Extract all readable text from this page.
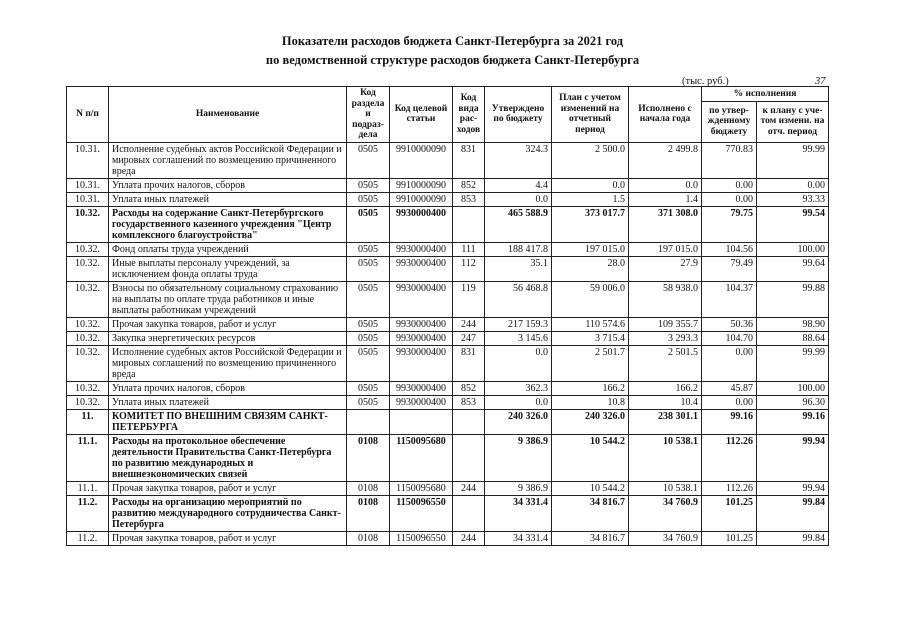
Показатели расходов бюджета Санкт-Петербурга за 2021 год
по ведомственной структуре расходов бюджета Санкт-Петербурга
(тыс. руб.)	37
N п/п	Наименование	Код раздела и подраз-дела	Код целевой статьи	Код вида рас-ходов	Утверждено по бюджету	План с учетом изменений на отчетный период	Исполнено с начала года	% исполнения	
								по утвер-жденному бюджету	к плану с уче-том измени. на отч. период
10.31.	Исполнение судебных актов Российской Федерации и мировых соглашений по возмещению причиненного вреда	0505	9910000090	831	324.3	2 500.0	2 499.8	770.83	99.99
10.31.	Уплата прочих налогов, сборов	0505	9910000090	852	4.4	0.0	0.0	0.00	0.00
10.31.	Уплата иных платежей	0505	9910000090	853	0.0	1.5	1.4	0.00	93.33
10.32.	Расходы на содержание Санкт-Петербургского государственного казенного учреждения "Центр комплексного благоустройства"	0505	9930000400		465 588.9	373 017.7	371 308.0	79.75	99.54
10.32.	Фонд оплаты труда учреждений	0505	9930000400	111	188 417.8	197 015.0	197 015.0	104.56	100.00
10.32.	Иные выплаты персоналу учреждений, за исключением фонда оплаты труда	0505	9930000400	112	35.1	28.0	27.9	79.49	99.64
10.32.	Взносы по обязательному социальному страхованию на выплаты по оплате труда работников и иные выплаты работникам учреждений	0505	9930000400	119	56 468.8	59 006.0	58 938.0	104.37	99.88
10.32.	Прочая закупка товаров, работ и услуг	0505	9930000400	244	217 159.3	110 574.6	109 355.7	50.36	98.90
10.32.	Закупка энергетических ресурсов	0505	9930000400	247	3 145.6	3 715.4	3 293.3	104.70	88.64
10.32.	Исполнение судебных актов Российской Федерации и мировых соглашений по возмещению причиненного вреда	0505	9930000400	831	0.0	2 501.7	2 501.5	0.00	99.99
10.32.	Уплата прочих налогов, сборов	0505	9930000400	852	362.3	166.2	166.2	45.87	100.00
10.32.	Уплата иных платежей	0505	9930000400	853	0.0	10.8	10.4	0.00	96.30
11.	КОМИТЕТ ПО ВНЕШНИМ СВЯЗЯМ САНКТ-ПЕТЕРБУРГА				240 326.0	240 326.0	238 301.1	99.16	99.16
11.1.	Расходы на протокольное обеспечение деятельности Правительства Санкт-Петербурга по развитию международных и внешнеэкономических связей	0108	1150095680		9 386.9	10 544.2	10 538.1	112.26	99.94
11.1.	Прочая закупка товаров, работ и услуг	0108	1150095680	244	9 386.9	10 544.2	10 538.1	112.26	99.94
11.2.	Расходы на организацию мероприятий по развитию международного сотрудничества Санкт-Петербурга	0108	1150096550		34 331.4	34 816.7	34 760.9	101.25	99.84
11.2.	Прочая закупка товаров, работ и услуг	0108	1150096550	244	34 331.4	34 816.7	34 760.9	101.25	99.84
